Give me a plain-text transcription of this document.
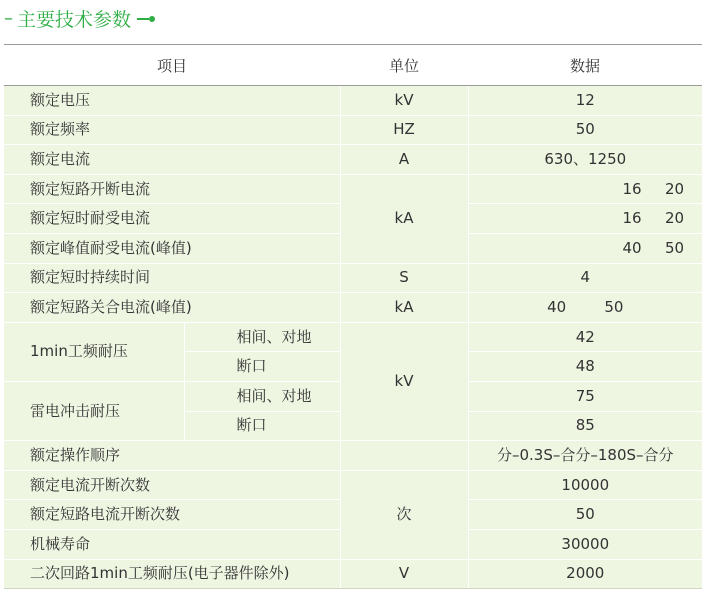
– 主要技术参数
项目		单位	数据
额定电压		kV	12
额定频率		HZ	50
额定电流		A	630、1250
额定短路开断电流		kA	16 20

额定短时耐受电流			16 20

额定峰值耐受电流(峰值)			40 50

额定短时持续时间		S	4
额定短路关合电流(峰值)		kA	40        50
1min工频耐压	相间、对地	kV	42
	断口		48
雷电冲击耐压	相间、对地		75
	断口		85
额定操作顺序			分–0.3S–合分–180S–合分
额定电流开断次数		次	10000
额定短路电流开断次数			50
机械寿命			30000
二次回路1min工频耐压(电子器件除外)		V	2000
